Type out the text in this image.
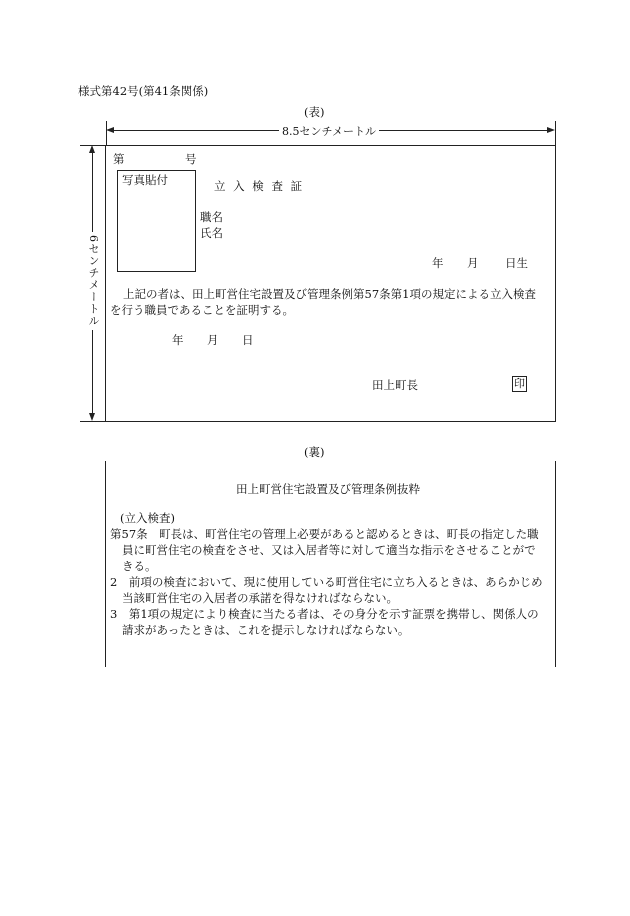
様式第42号(第41条関係)
(表)
8.5センチメートル
6センチメートル
第	号
写真貼付	立 入 検 査 証
職名
氏名
年 月 日生
上記の者は、田上町営住宅設置及び管理条例第57条第1項の規定による立入検査
を行う職員であることを証明する。
年 月 日
田上町長	印
(裏)
田上町営住宅設置及び管理条例抜粋
(立入検査)
第57条　町長は、町営住宅の管理上必要があると認めるときは、町長の指定した職
員に町営住宅の検査をさせ、又は入居者等に対して適当な指示をさせることがで
きる。
2　前項の検査において、現に使用している町営住宅に立ち入るときは、あらかじめ
当該町営住宅の入居者の承諾を得なければならない。
3　第1項の規定により検査に当たる者は、その身分を示す証票を携帯し、関係人の
請求があったときは、これを提示しなければならない。
